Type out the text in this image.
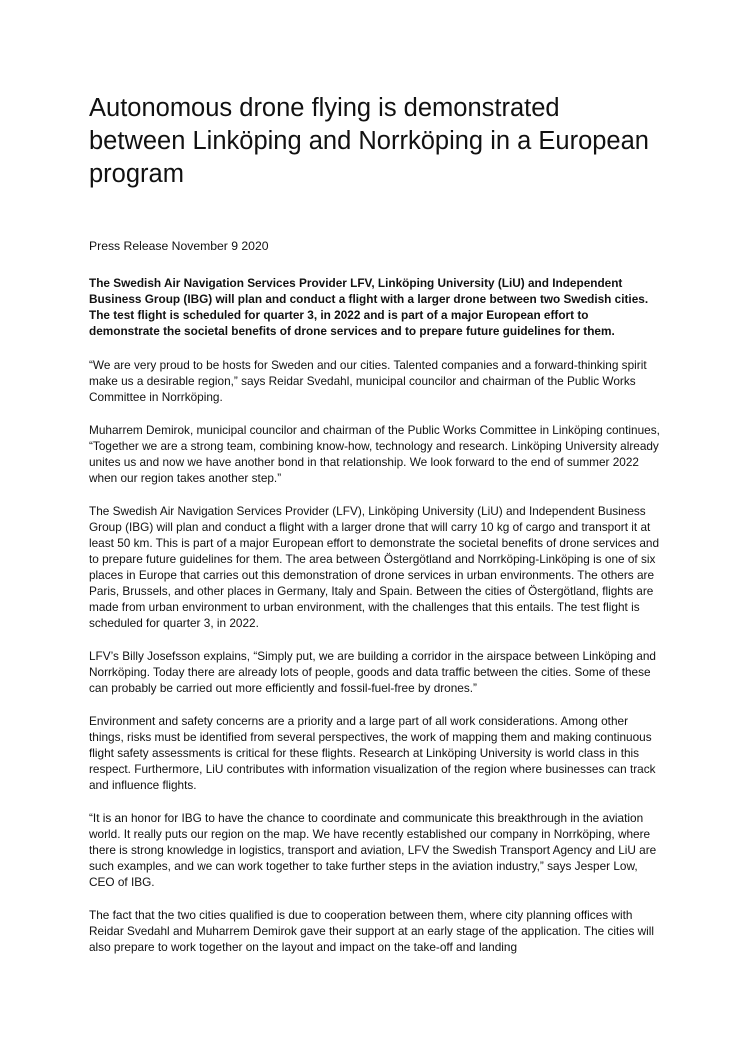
Autonomous drone flying is demonstrated between Linköping and Norrköping in a European program

Press Release November 9 2020

The Swedish Air Navigation Services Provider LFV, Linköping University (LiU) and Independent Business Group (IBG) will plan and conduct a flight with a larger drone between two Swedish cities. The test flight is scheduled for quarter 3, in 2022 and is part of a major European effort to demonstrate the societal benefits of drone services and to prepare future guidelines for them.

“We are very proud to be hosts for Sweden and our cities. Talented companies and a forward-thinking spirit make us a desirable region,” says Reidar Svedahl, municipal councilor and chairman of the Public Works Committee in Norrköping.

Muharrem Demirok, municipal councilor and chairman of the Public Works Committee in Linköping continues, “Together we are a strong team, combining know-how, technology and research. Linköping University already unites us and now we have another bond in that relationship. We look forward to the end of summer 2022 when our region takes another step.”

The Swedish Air Navigation Services Provider (LFV), Linköping University (LiU) and Independent Business Group (IBG) will plan and conduct a flight with a larger drone that will carry 10 kg of cargo and transport it at least 50 km. This is part of a major European effort to demonstrate the societal benefits of drone services and to prepare future guidelines for them. The area between Östergötland and Norrköping-Linköping is one of six places in Europe that carries out this demonstration of drone services in urban environments. The others are Paris, Brussels, and other places in Germany, Italy and Spain. Between the cities of Östergötland, flights are made from urban environment to urban environment, with the challenges that this entails. The test flight is scheduled for quarter 3, in 2022.

LFV’s Billy Josefsson explains, “Simply put, we are building a corridor in the airspace between Linköping and Norrköping. Today there are already lots of people, goods and data traffic between the cities. Some of these can probably be carried out more efficiently and fossil-fuel-free by drones.”

Environment and safety concerns are a priority and a large part of all work considerations. Among other things, risks must be identified from several perspectives, the work of mapping them and making continuous flight safety assessments is critical for these flights. Research at Linköping University is world class in this respect. Furthermore, LiU contributes with information visualization of the region where businesses can track and influence flights.

“It is an honor for IBG to have the chance to coordinate and communicate this breakthrough in the aviation world. It really puts our region on the map. We have recently established our company in Norrköping, where there is strong knowledge in logistics, transport and aviation, LFV the Swedish Transport Agency and LiU are such examples, and we can work together to take further steps in the aviation industry,” says Jesper Low, CEO of IBG.

The fact that the two cities qualified is due to cooperation between them, where city planning offices with Reidar Svedahl and Muharrem Demirok gave their support at an early stage of the application. The cities will also prepare to work together on the layout and impact on the take-off and landing
